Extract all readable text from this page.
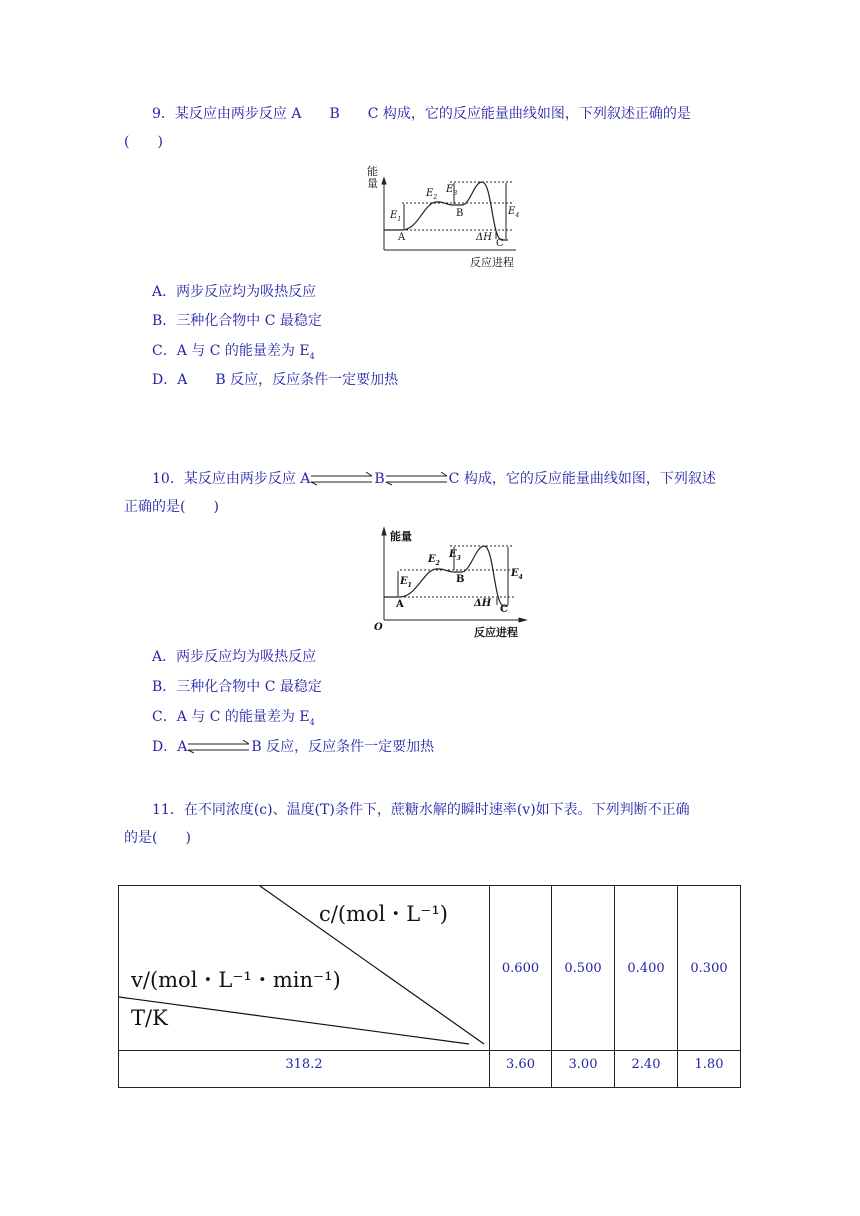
9．某反应由两步反应 A　　B　　C 构成，它的反应能量曲线如图，下列叙述正确的是
(　　)
能量
反应进程
A
B
C
$E_1$
$E_2$
$E_3$
$E_4$
ΔH
A．两步反应均为吸热反应
B．三种化合物中 C 最稳定
C．A 与 C 的能量差为 $E_4$
D．A　　B 反应，反应条件一定要加热
10．某反应由两步反应 A	B	C 构成，它的反应能量曲线如图，下列叙述
正确的是(　　)
能量
反应进程
O
A
B
C
$E_1$
$E_2$
$E_3$
$E_4$
ΔH
A．两步反应均为吸热反应
B．三种化合物中 C 最稳定
C．A 与 C 的能量差为 $E_4$
D．A	B 反应，反应条件一定要加热
11．在不同浓度(c)、温度(T)条件下，蔗糖水解的瞬时速率(v)如下表。下列判断不正确
的是(　　)
c/(mol・L⁻¹)
v/(mol・L⁻¹・min⁻¹)
T/K	0.600	0.500	0.400	0.300
318.2	3.60	3.00	2.40	1.80
